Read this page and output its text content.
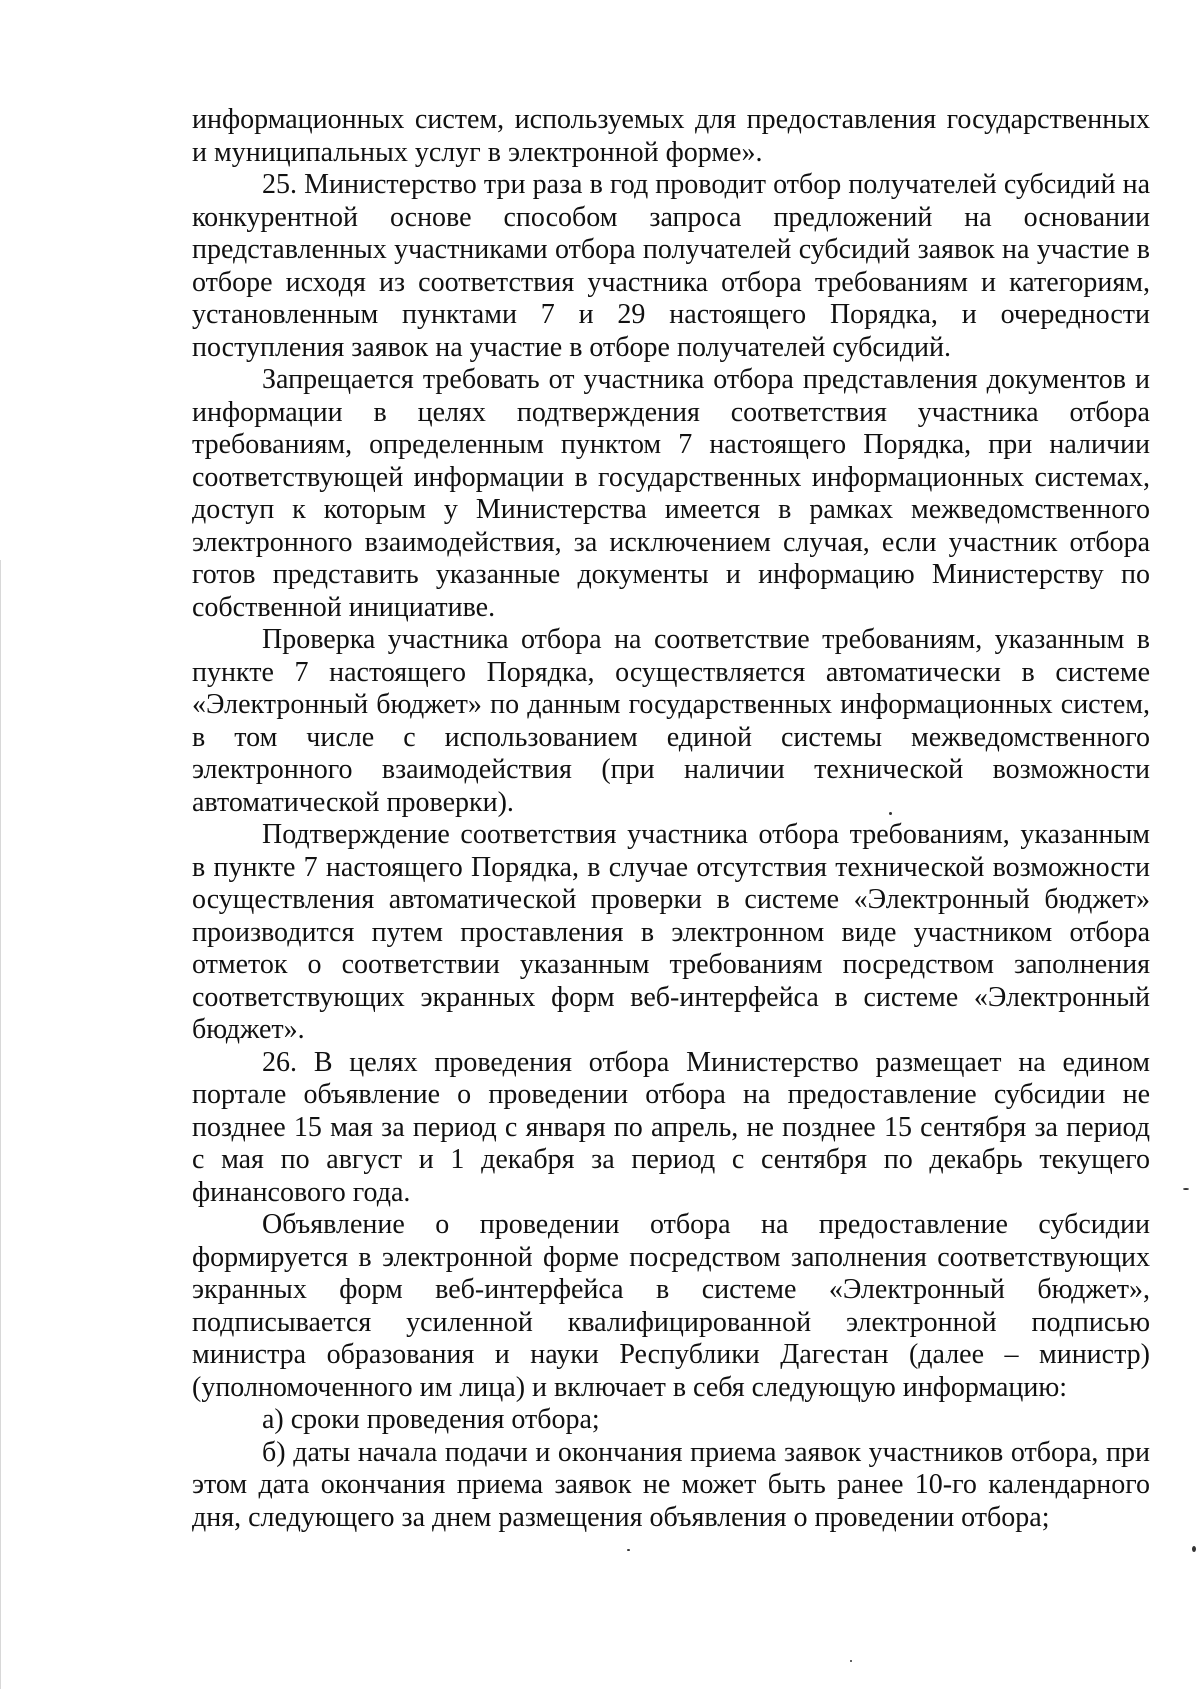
информационных систем, используемых для предоставления государственных и муниципальных услуг в электронной форме».

25. Министерство три раза в год проводит отбор получателей субсидий на конкурентной основе способом запроса предложений на основании представленных участниками отбора получателей субсидий заявок на участие в отборе исходя из соответствия участника отбора требованиям и категориям, установленным пунктами 7 и 29 настоящего Порядка, и очередности поступления заявок на участие в отборе получателей субсидий.

Запрещается требовать от участника отбора представления документов и информации в целях подтверждения соответствия участника отбора требованиям, определенным пунктом 7 настоящего Порядка, при наличии соответствующей информации в государственных информационных системах, доступ к которым у Министерства имеется в рамках межведомственного электронного взаимодействия, за исключением случая, если участник отбора готов представить указанные документы и информацию Министерству по собственной инициативе.

Проверка участника отбора на соответствие требованиям, указанным в пункте 7 настоящего Порядка, осуществляется автоматически в системе «Электронный бюджет» по данным государственных информационных систем, в том числе с использованием единой системы межведомственного электронного взаимодействия (при наличии технической возможности автоматической проверки).

Подтверждение соответствия участника отбора требованиям, указанным в пункте 7 настоящего Порядка, в случае отсутствия технической возможности осуществления автоматической проверки в системе «Электронный бюджет» производится путем проставления в электронном виде участником отбора отметок о соответствии указанным требованиям посредством заполнения соответствующих экранных форм веб-интерфейса в системе «Электронный бюджет».

26. В целях проведения отбора Министерство размещает на едином портале объявление о проведении отбора на предоставление субсидии не позднее 15 мая за период с января по апрель, не позднее 15 сентября за период с мая по август и 1 декабря за период с сентября по декабрь текущего финансового года.

Объявление о проведении отбора на предоставление субсидии формируется в электронной форме посредством заполнения соответствующих экранных форм веб-интерфейса в системе «Электронный бюджет», подписывается усиленной квалифицированной электронной подписью министра образования и науки Республики Дагестан (далее – министр) (уполномоченного им лица) и включает в себя следующую информацию:

а) сроки проведения отбора;

б) даты начала подачи и окончания приема заявок участников отбора, при этом дата окончания приема заявок не может быть ранее 10-го календарного дня, следующего за днем размещения объявления о проведении отбора;
